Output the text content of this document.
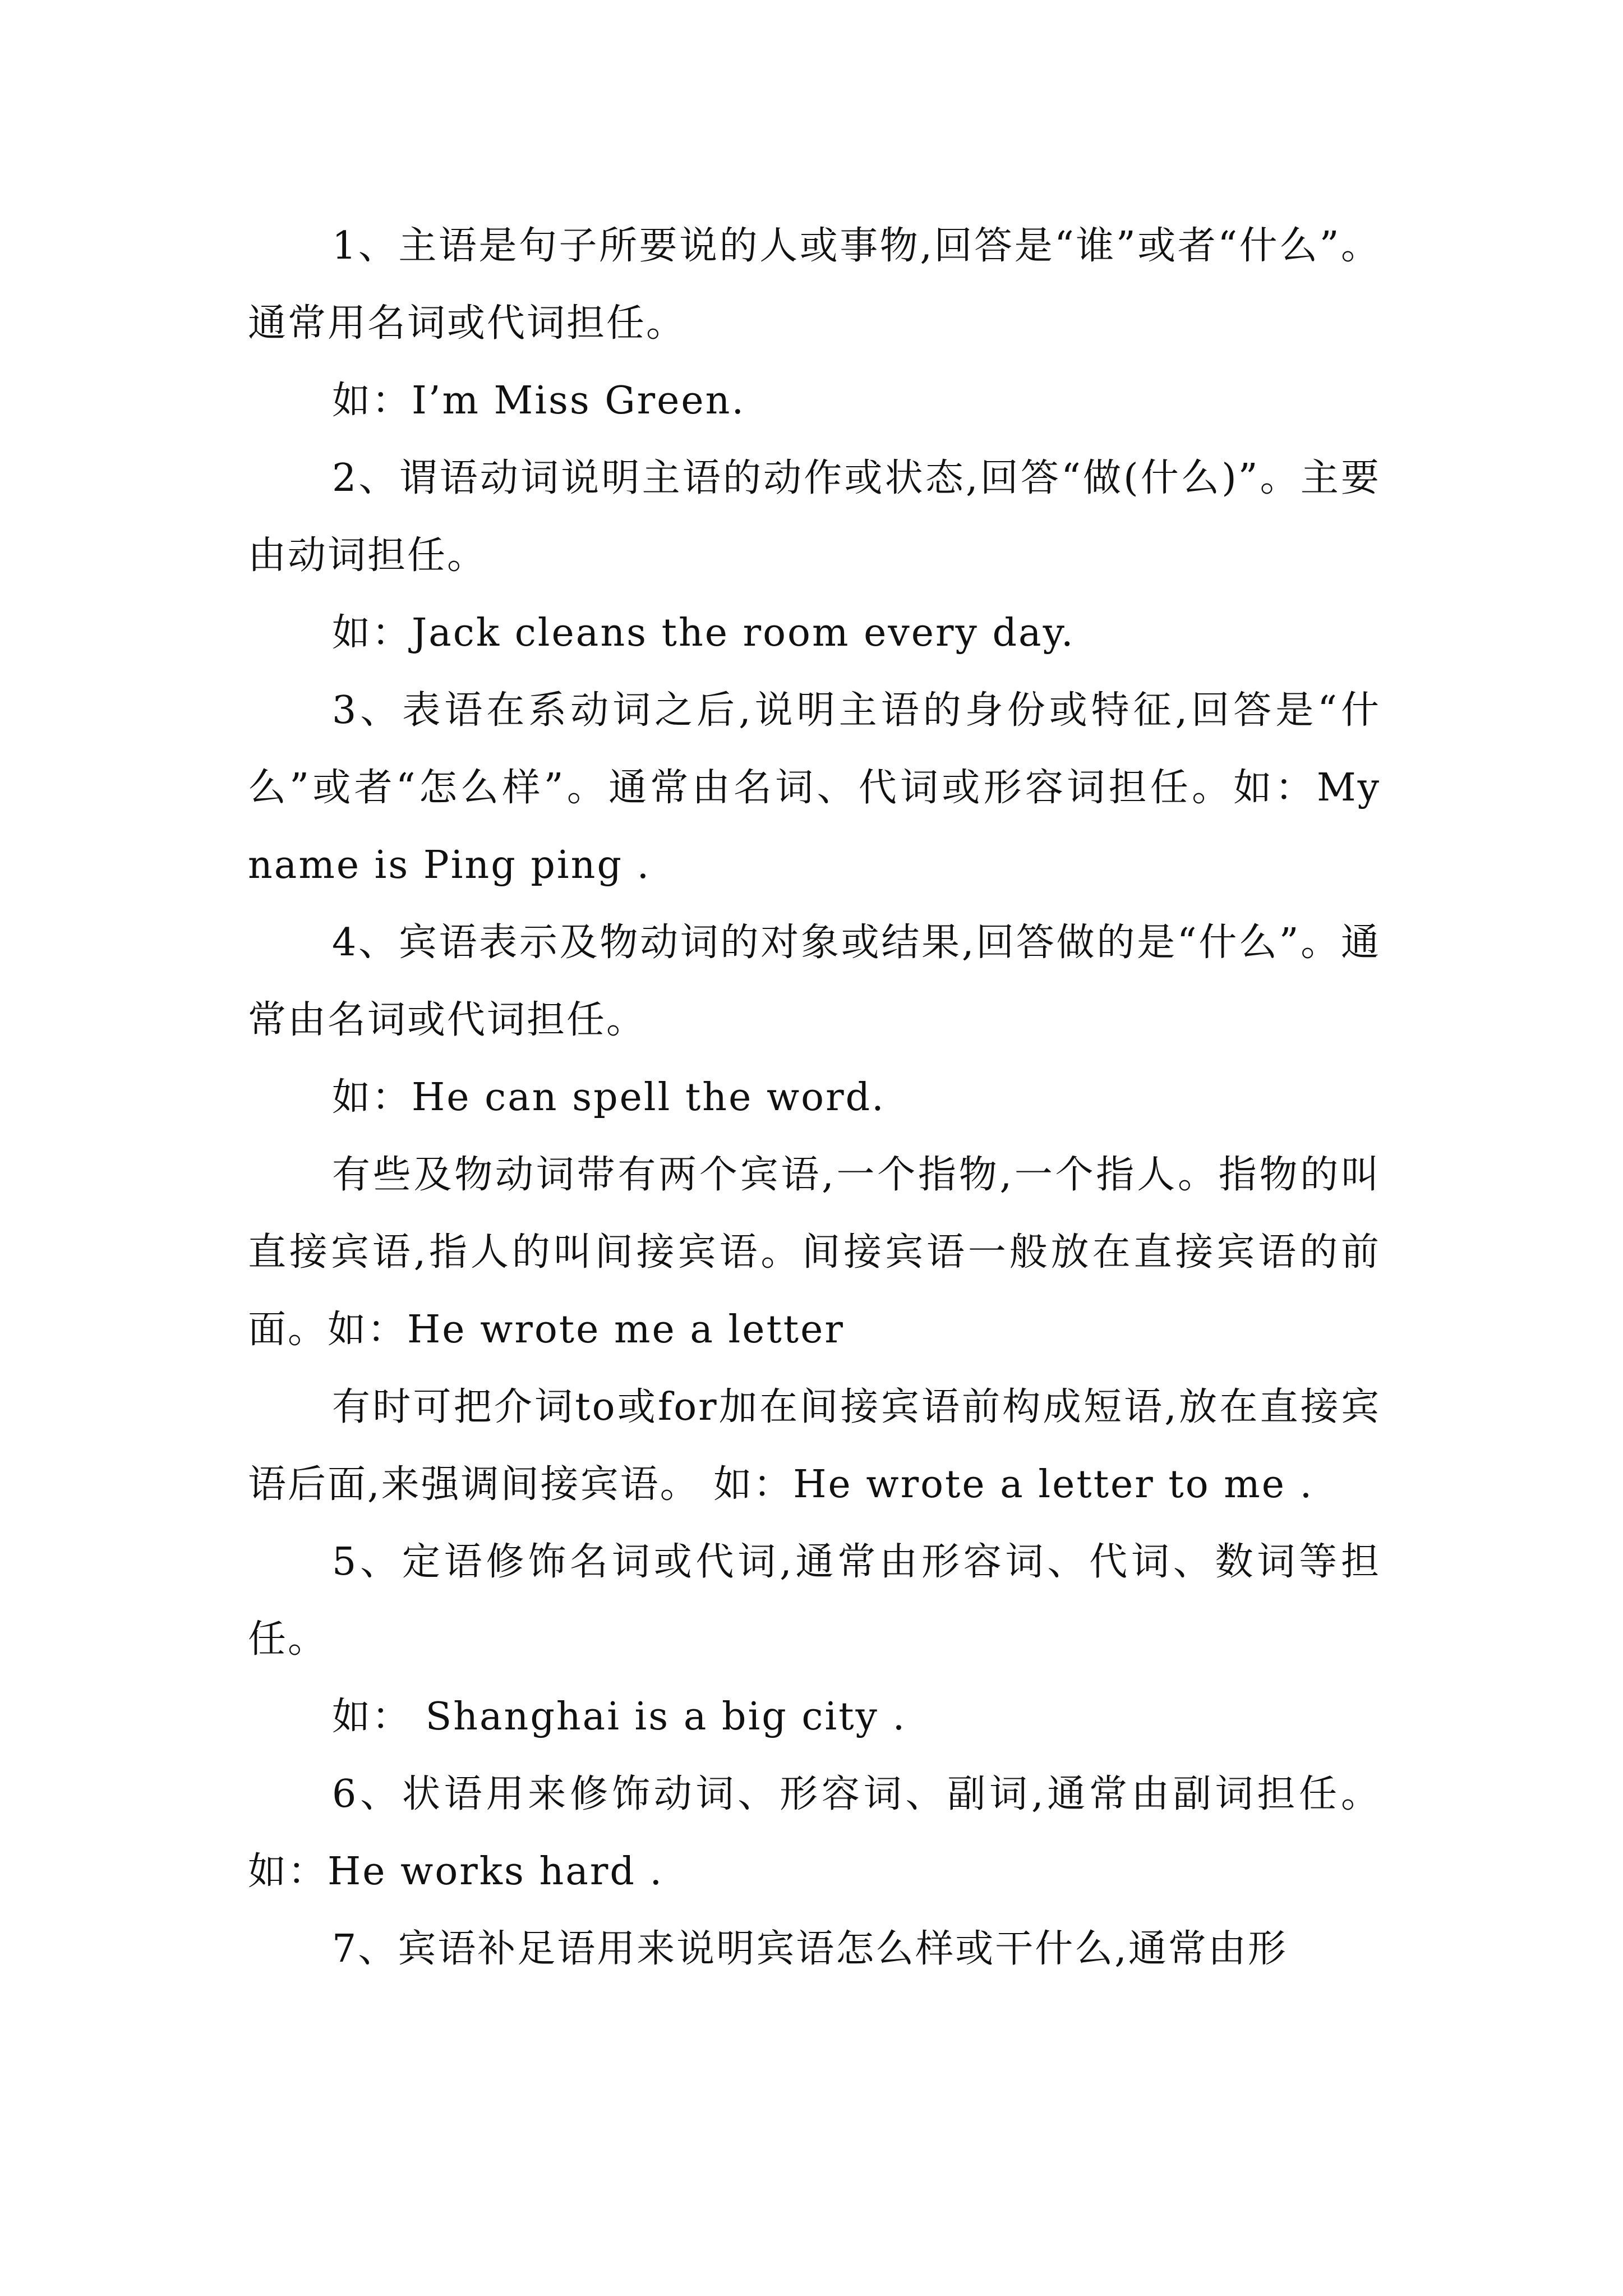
1、主语是句子所要说的人或事物,回答是“谁”或者“什么”。通常用名词或代词担任。

如：I’m Miss Green.

2、谓语动词说明主语的动作或状态,回答“做(什么)”。主要由动词担任。

如：Jack cleans the room every day.

3、表语在系动词之后,说明主语的身份或特征,回答是“什么”或者“怎么样”。通常由名词、代词或形容词担任。如：My name is Ping ping .

4、宾语表示及物动词的对象或结果,回答做的是“什么”。通常由名词或代词担任。

如：He can spell the word.

有些及物动词带有两个宾语,一个指物,一个指人。指物的叫直接宾语,指人的叫间接宾语。间接宾语一般放在直接宾语的前面。如：He wrote me a letter

有时可把介词to或for加在间接宾语前构成短语,放在直接宾语后面,来强调间接宾语。 如：He wrote a letter to me .

5、定语修饰名词或代词,通常由形容词、代词、数词等担任。

如： Shanghai is a big city .

6、状语用来修饰动词、形容词、副词,通常由副词担任。如：He works hard .

7、宾语补足语用来说明宾语怎么样或干什么,通常由形
